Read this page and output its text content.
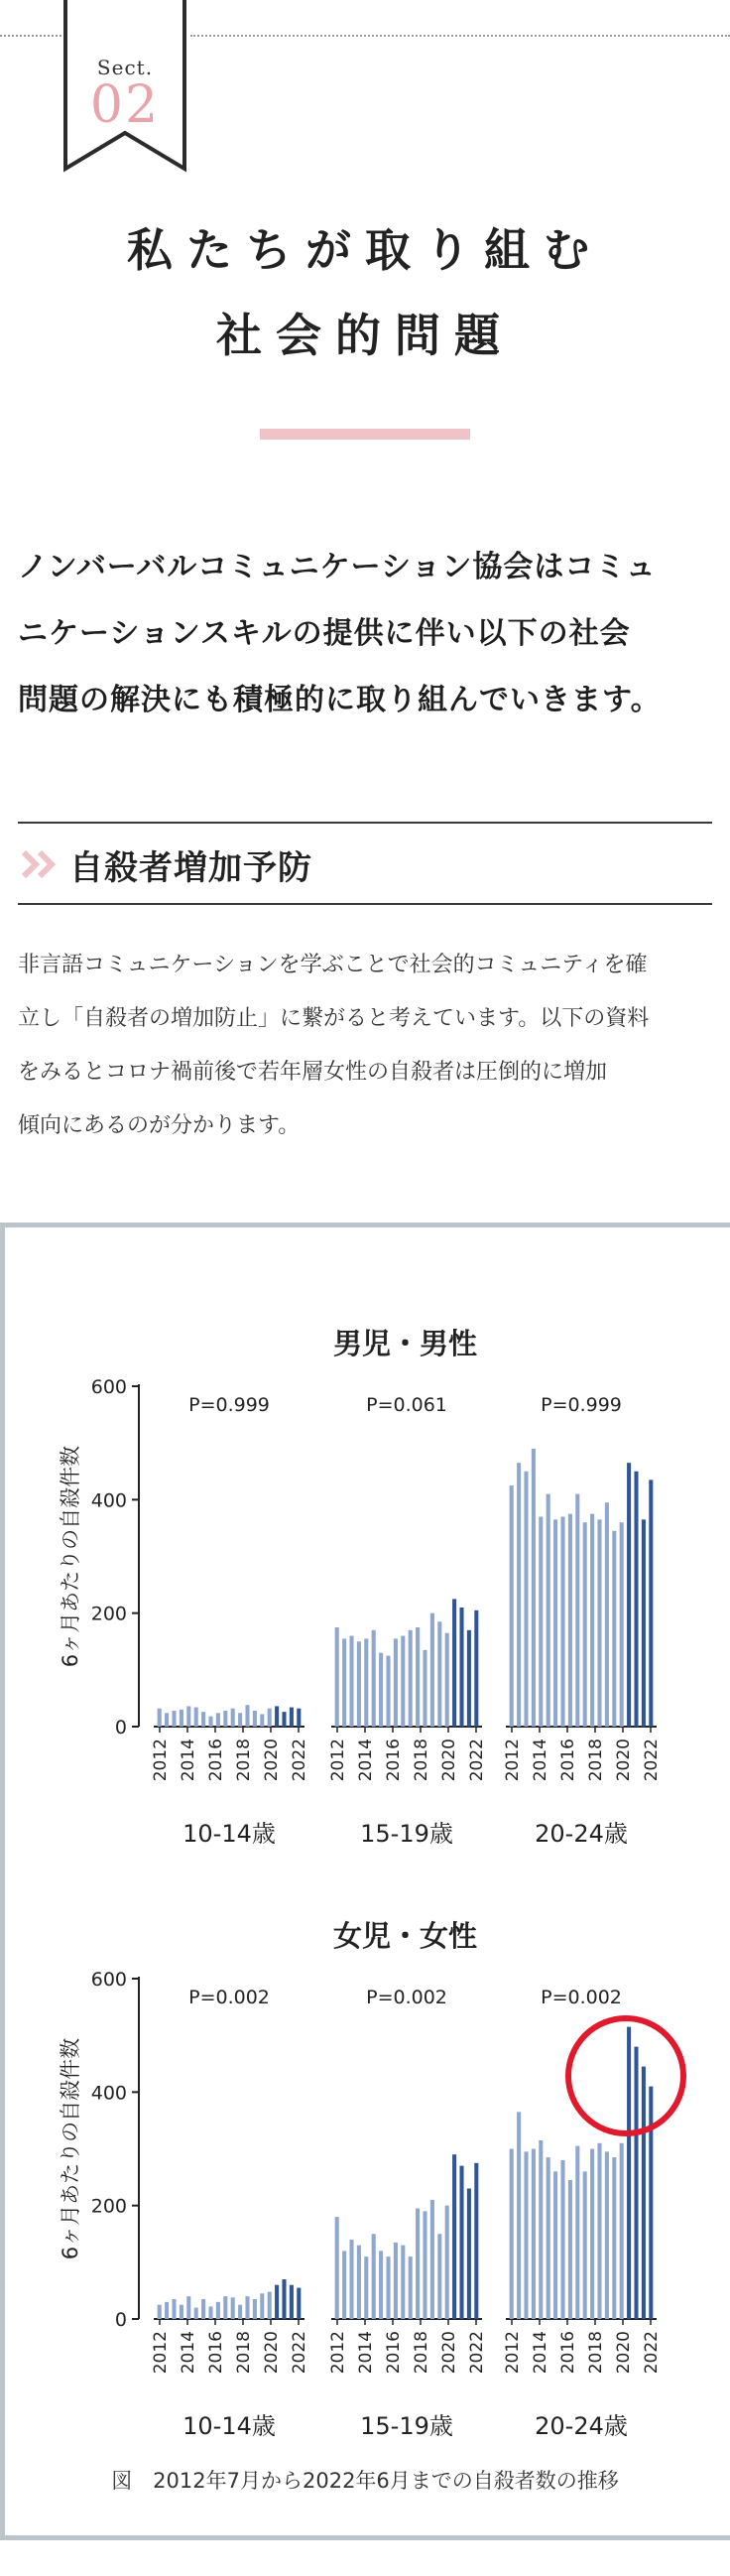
Sect.
02
私たちが取り組む
社会的問題
ノンバーバルコミュニケーション協会はコミュ
ニケーションスキルの提供に伴い以下の社会
問題の解決にも積極的に取り組んでいきます。
自殺者増加予防
非言語コミュニケーションを学ぶことで社会的コミュニティを確
立し「自殺者の増加防止」に繋がると考えています。以下の資料
をみるとコロナ禍前後で若年層女性の自殺者は圧倒的に増加
傾向にあるのが分かります。
男児・男性
6ヶ月あたりの自殺件数
0
200
400
600
P=0.999
2012 2014 2016 2018 2020 2022
10-14歳
P=0.061
2012 2014 2016 2018 2020 2022
15-19歳
P=0.999
2012 2014 2016 2018 2020 2022
20-24歳
女児・女性
6ヶ月あたりの自殺件数
0
200
400
600
P=0.002
2012 2014 2016 2018 2020 2022
10-14歳
P=0.002
2012 2014 2016 2018 2020 2022
15-19歳
P=0.002
2012 2014 2016 2018 2020 2022
20-24歳
図　2012年7月から2022年6月までの自殺者数の推移
